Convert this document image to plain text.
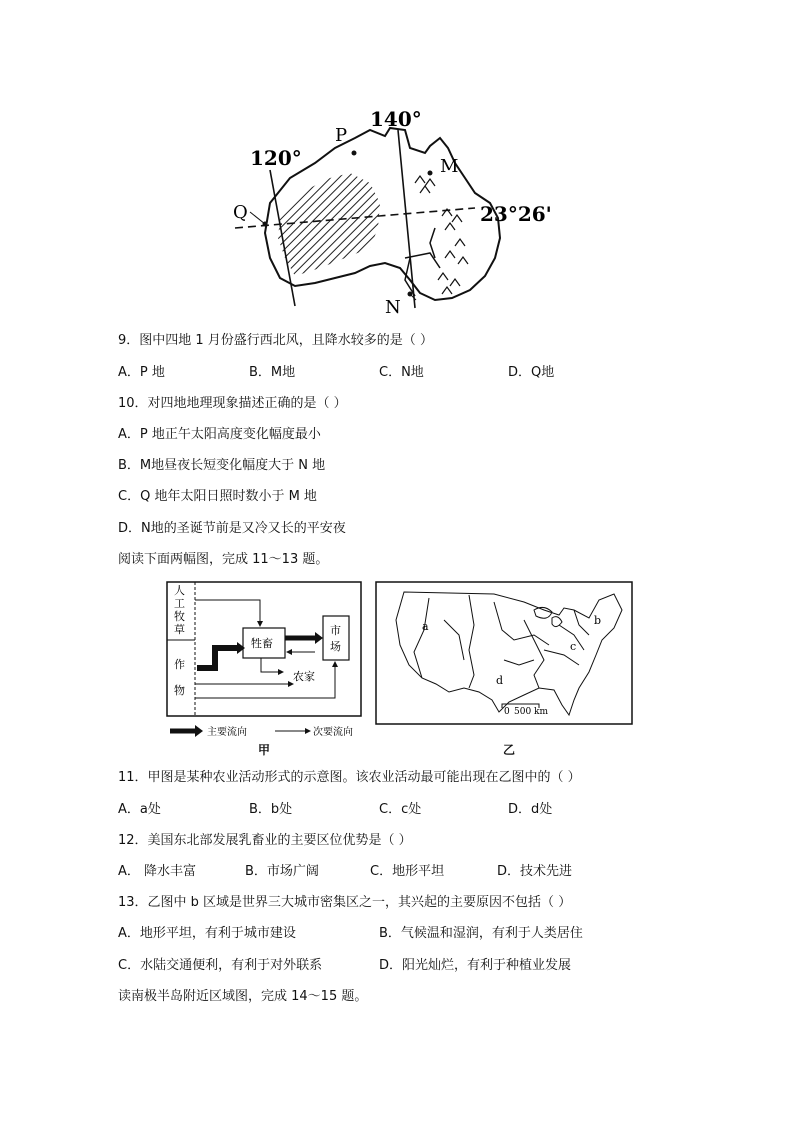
120°
140°
23°26'
P
M
Q
N
9．图中四地 1 月份盛行西北风，且降水较多的是（ ）
A．P 地	B．M地	C．N地	D．Q地
10．对四地地理现象描述正确的是（ ）
A．P 地正午太阳高度变化幅度最小
B．M地昼夜长短变化幅度大于 N 地
C．Q 地年太阳日照时数小于 M 地
D．N地的圣诞节前是又冷又长的平安夜
阅读下面两幅图，完成 11～13 题。
人
工
牧
草
作
物
牲畜
市
场
农家
主要流向	次要流向
甲
a	b
c
d
0 500 km
乙
11．甲图是某种农业活动形式的示意图。该农业活动最可能出现在乙图中的（ ）
A．a处	B．b处	C．c处	D．d处
12．美国东北部发展乳畜业的主要区位优势是（ ）
A． 降水丰富	B．市场广阔	C．地形平坦	D．技术先进
13．乙图中 b 区域是世界三大城市密集区之一，其兴起的主要原因不包括（ ）
A．地形平坦，有利于城市建设	B．气候温和湿润，有利于人类居住
C．水陆交通便利，有利于对外联系	D．阳光灿烂，有利于种植业发展
读南极半岛附近区域图，完成 14～15 题。
